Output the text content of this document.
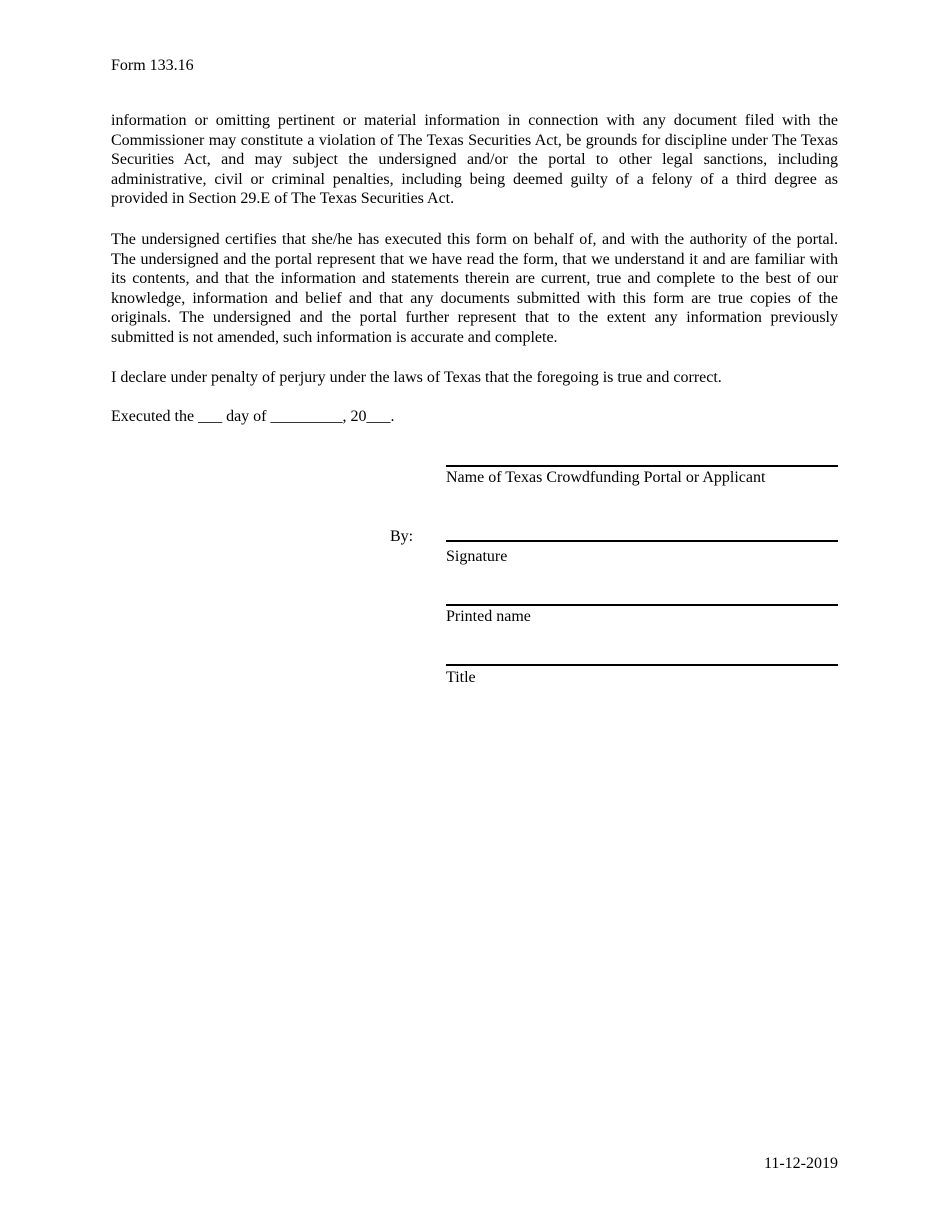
Form 133.16

information or omitting pertinent or material information in connection with any document filed with the Commissioner may constitute a violation of The Texas Securities Act, be grounds for discipline under The Texas Securities Act, and may subject the undersigned and/or the portal to other legal sanctions, including administrative, civil or criminal penalties, including being deemed guilty of a felony of a third degree as provided in Section 29.E of The Texas Securities Act.

The undersigned certifies that she/he has executed this form on behalf of, and with the authority of the portal. The undersigned and the portal represent that we have read the form, that we understand it and are familiar with its contents, and that the information and statements therein are current, true and complete to the best of our knowledge, information and belief and that any documents submitted with this form are true copies of the originals. The undersigned and the portal further represent that to the extent any information previously submitted is not amended, such information is accurate and complete.

I declare under penalty of perjury under the laws of Texas that the foregoing is true and correct.

Executed the ___ day of _________, 20___.

Name of Texas Crowdfunding Portal or Applicant
By:
Signature
Printed name
Title
11-12-2019
